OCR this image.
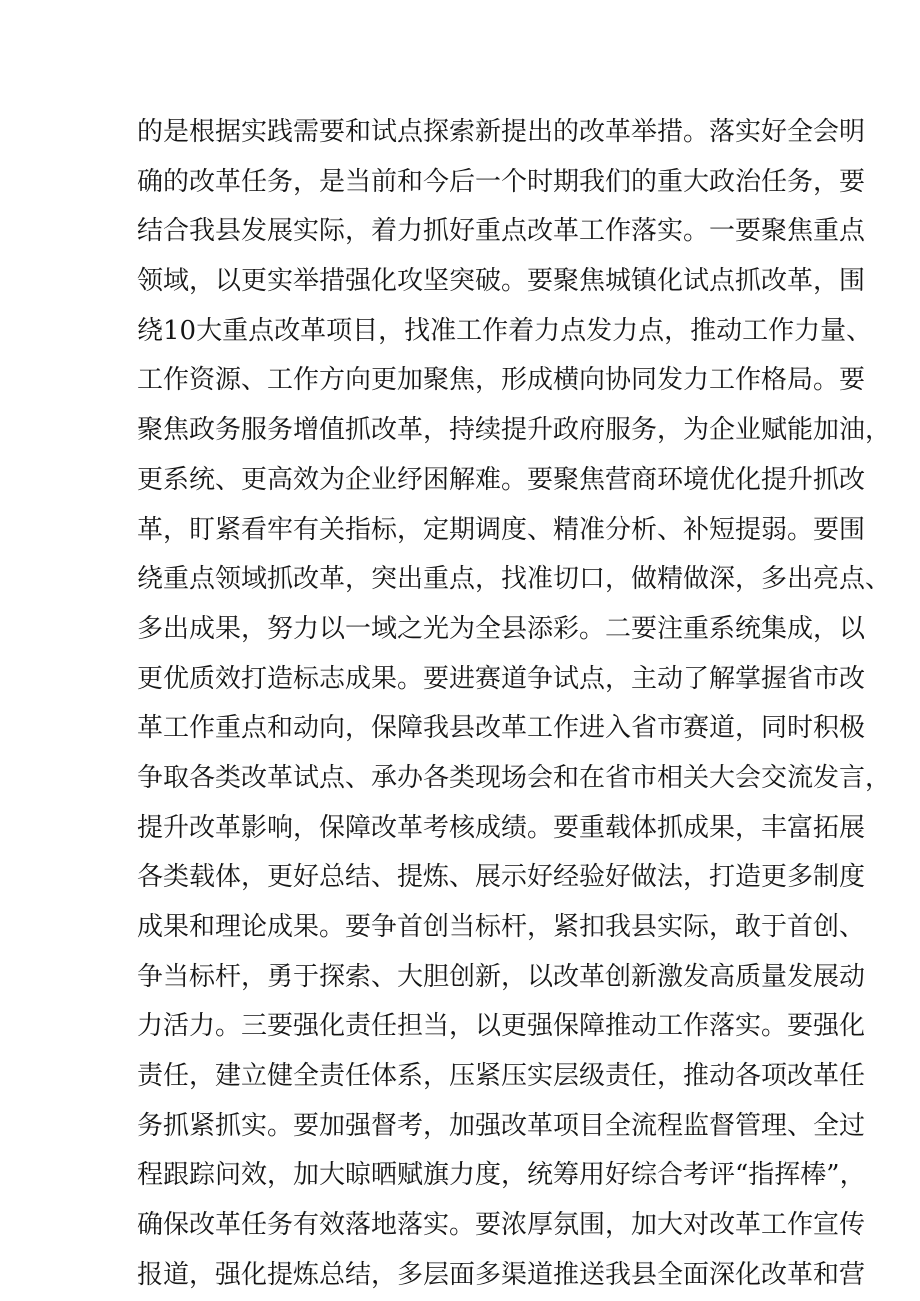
的是根据实践需要和试点探索新提出的改革举措。落实好全会明
确的改革任务，是当前和今后一个时期我们的重大政治任务，要
结合我县发展实际，着力抓好重点改革工作落实。一要聚焦重点
领域，以更实举措强化攻坚突破。要聚焦城镇化试点抓改革，围
绕10大重点改革项目，找准工作着力点发力点，推动工作力量、
工作资源、工作方向更加聚焦，形成横向协同发力工作格局。要
聚焦政务服务增值抓改革，持续提升政府服务，为企业赋能加油，
更系统、更高效为企业纾困解难。要聚焦营商环境优化提升抓改
革，盯紧看牢有关指标，定期调度、精准分析、补短提弱。要围
绕重点领域抓改革，突出重点，找准切口，做精做深，多出亮点、
多出成果，努力以一域之光为全县添彩。二要注重系统集成，以
更优质效打造标志成果。要进赛道争试点，主动了解掌握省市改
革工作重点和动向，保障我县改革工作进入省市赛道，同时积极
争取各类改革试点、承办各类现场会和在省市相关大会交流发言，
提升改革影响，保障改革考核成绩。要重载体抓成果，丰富拓展
各类载体，更好总结、提炼、展示好经验好做法，打造更多制度
成果和理论成果。要争首创当标杆，紧扣我县实际，敢于首创、
争当标杆，勇于探索、大胆创新，以改革创新激发高质量发展动
力活力。三要强化责任担当，以更强保障推动工作落实。要强化
责任，建立健全责任体系，压紧压实层级责任，推动各项改革任
务抓紧抓实。要加强督考，加强改革项目全流程监督管理、全过
程跟踪问效，加大晾晒赋旗力度，统筹用好综合考评“指挥棒”，
确保改革任务有效落地落实。要浓厚氛围，加大对改革工作宣传
报道，强化提炼总结，多层面多渠道推送我县全面深化改革和营
